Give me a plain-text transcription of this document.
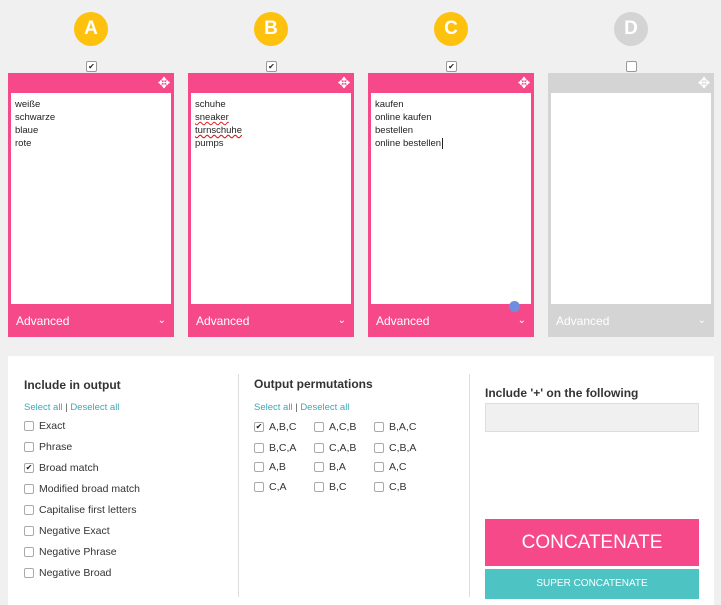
A
✔
✥
weiße
schwarze
blaue
rote
Advanced	⌄
B
✔
✥
schuhe
sneaker
turnschuhe
pumps
Advanced	⌄
C
✔
✥
kaufen
online kaufen
bestellen
online bestellen
Advanced	⌄
D
✥
Advanced	⌄
Include in output
Select all | Deselect all
Exact
Phrase
✔ Broad match
Modified broad match
Capitalise first letters
Negative Exact
Negative Phrase
Negative Broad
Output permutations
Select all | Deselect all
✔ A,B,C	A,C,B	B,A,C
B,C,A	C,A,B	C,B,A
A,B	B,A	A,C
C,A	B,C	C,B
Include '+' on the following
CONCATENATE
SUPER CONCATENATE
